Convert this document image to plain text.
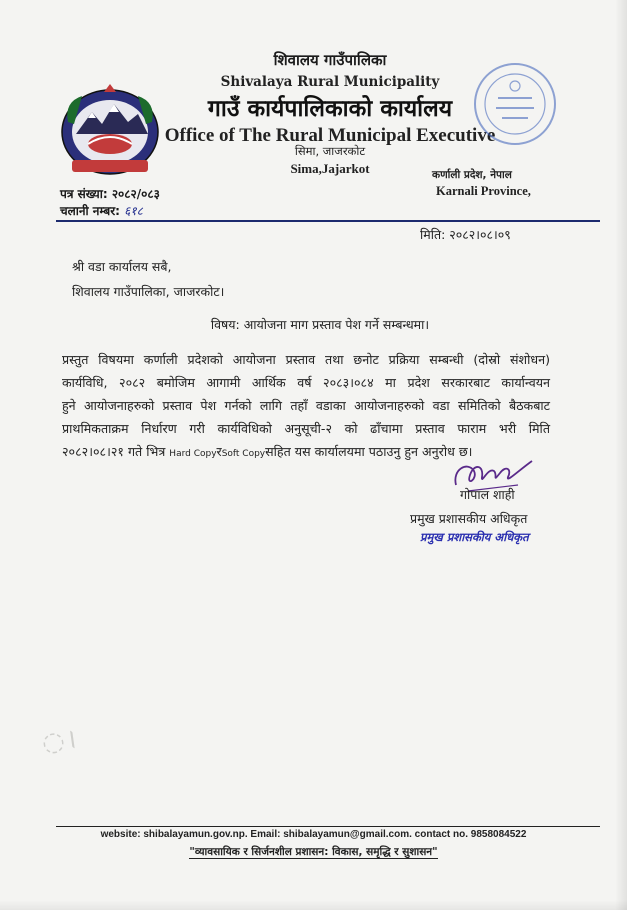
शिवालय गाउँपालिका
Shivalaya Rural Municipality
गाउँ कार्यपालिकाको कार्यालय
Office of The Rural Municipal Executive
सिमा, जाजरकोट
Sima,Jajarkot	कर्णाली प्रदेश, नेपाल
Karnali Province,
पत्र संख्या: २०८२/०८३
चलानी नम्बर: ६१८
मिति: २०८२।०८।०९
श्री वडा कार्यालय सबै,
शिवालय गाउँपालिका, जाजरकोट।
विषय: आयोजना माग प्रस्ताव पेश गर्ने सम्बन्धमा।
प्रस्तुत विषयमा कर्णाली प्रदेशको आयोजना प्रस्ताव तथा छनोट प्रक्रिया सम्बन्धी (दोस्रो संशोधन)
कार्यविधि, २०८२ बमोजिम आगामी आर्थिक वर्ष २०८३।०८४ मा प्रदेश सरकारबाट कार्यान्वयन
हुने आयोजनाहरुको प्रस्ताव पेश गर्नको लागि तहाँ वडाका आयोजनाहरुको वडा समितिको बैठकबाट
प्राथमिकताक्रम निर्धारण गरी कार्यविधिको अनुसूची-२ को ढाँचामा प्रस्ताव फाराम भरी मिति
२०८२।०८।२१ गते भित्र Hard CopyरSoft Copyसहित यस कार्यालयमा पठाउनु हुन अनुरोध छ।
गोपाल शाही
प्रमुख प्रशासकीय अधिकृत
प्रमुख प्रशासकीय अधिकृत
◌꠰
website: shibalayamun.gov.np. Email: shibalayamun@gmail.com. contact no. 9858084522
"व्यावसायिक र सिर्जनशील प्रशासन: विकास, समृद्धि र सुशासन"
